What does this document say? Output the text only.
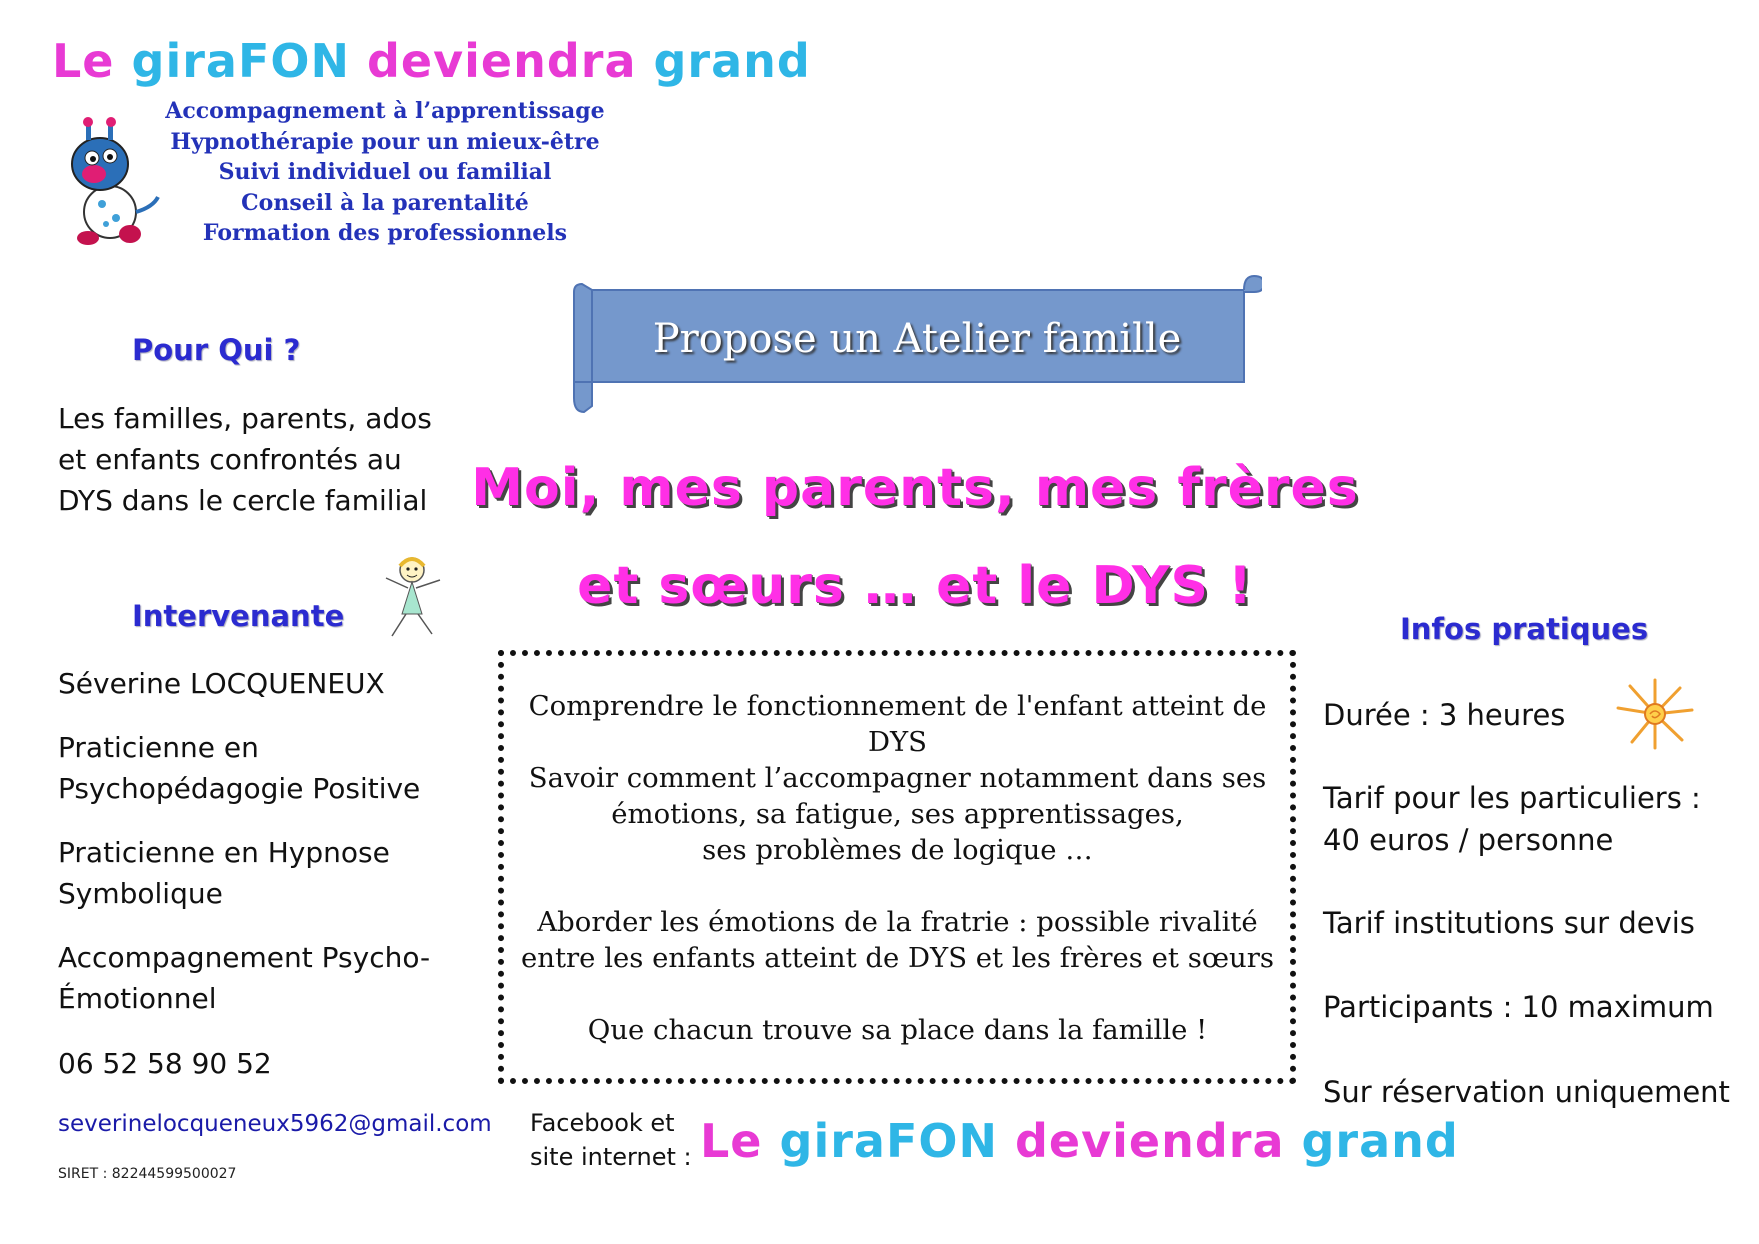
Le giraFON deviendra grand
Accompagnement à l’apprentissage
Hypnothérapie pour un mieux-être
Suivi individuel ou familial
Conseil à la parentalité
Formation des professionnels
Propose un Atelier famille
Moi, mes parents, mes frères
et sœurs … et le DYS !
Pour Qui ?
Les familles, parents, ados
et enfants confrontés au
DYS dans le cercle familial
Intervenante
Séverine LOCQUENEUX
Praticienne en
Psychopédagogie Positive
Praticienne en Hypnose
Symbolique
Accompagnement Psycho-
Émotionnel
06 52 58 90 52
severinelocqueneux5962@gmail.com
SIRET : 82244599500027
Comprendre le fonctionnement de l'enfant atteint de DYS
Savoir comment l’accompagner notamment dans ses
émotions, sa fatigue, ses apprentissages,
ses problèmes de logique …
Aborder les émotions de la fratrie : possible rivalité
entre les enfants atteint de DYS et les frères et sœurs
Que chacun trouve sa place dans la famille !
Infos pratiques
Durée : 3 heures
Tarif pour les particuliers :
40 euros / personne
Tarif institutions sur devis
Participants : 10 maximum
Sur réservation uniquement
Facebook et
site internet : Le giraFON deviendra grand
